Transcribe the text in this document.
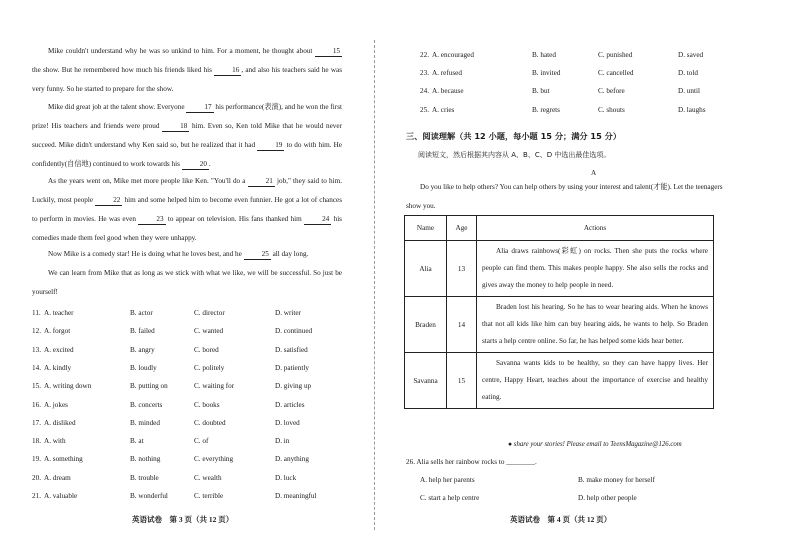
Mike couldn't understand why he was so unkind to him. For a moment, he thought about	15 the show. But he remembered how much his friends liked his	16 , and also his teachers said he was very funny. So he started to prepare for the show.
Mike did great job at the talent show. Everyone	17 his performance(表演), and he won the first prize! His teachers and friends were proud	18 him. Even so, Ken told Mike that he would never succeed. Mike didn't understand why Ken said so, but he realized that it had	19 to do with him. He confidently(自信地) continued to work towards his	20 .
As the years went on, Mike met more people like Ken. "You'll do a	21 job," they said to him. Luckily, most people	22 him and some helped him to become even funnier. He got a lot of chances to perform in movies. He was even	23 to appear on television. His fans thanked him	24 his comedies made them feel good when they were unhappy.
Now Mike is a comedy star! He is doing what he loves best, and he	25 all day long.
We can learn from Mike that as long as we stick with what we like, we will be successful. So just be yourself!
11. A. teacher	B. actor	C. director	D. writer
12. A. forgot	B. failed	C. wanted	D. continued
13. A. excited	B. angry	C. bored	D. satisfied
14. A. kindly	B. loudly	C. politely	D. patiently
15. A. writing down	B. putting on	C. waiting for	D. giving up
16. A. jokes	B. concerts	C. books	D. articles
17. A. disliked	B. minded	C. doubted	D. loved
18. A. with	B. at	C. of	D. in
19. A. something	B. nothing	C. everything	D. anything
20. A. dream	B. trouble	C. wealth	D. luck
21. A. valuable	B. wonderful	C. terrible	D. meaningful
英语试卷　第 3 页（共 12 页）
22. A. encouraged	B. hated	C. punished	D. saved
23. A. refused	B. invited	C. cancelled	D. told
24. A. because	B. but	C. before	D. until
25. A. cries	B. regrets	C. shouts	D. laughs
三、阅读理解（共 12 小题，每小题 15 分；满分 15 分）
阅读短文，然后根据其内容从 A、B、C、D 中选出最佳选项。
A
Do you like to help others? You can help others by using your interest and talent(才能). Let the teenagers show you.
Name	Age	Actions
Alia	13	Alia draws rainbows(彩虹) on rocks. Then she puts the rocks where people can find them. This makes people happy. She also sells the rocks and gives away the money to help people in need.
Braden	14	Braden lost his hearing. So he has to wear hearing aids. When he knows that not all kids like him can buy hearing aids, he wants to help. So Braden starts a help centre online. So far, he has helped some kids hear better.
Savanna	15	Savanna wants kids to be healthy, so they can have happy lives. Her centre, Happy Heart, teaches about the importance of exercise and healthy eating.
● share your stories! Please email to TeensMagazine@126.com
26. Alia sells her rainbow rocks to ________.
A. help her parents	B. make money for herself
C. start a help centre	D. help other people
英语试卷　第 4 页（共 12 页）
